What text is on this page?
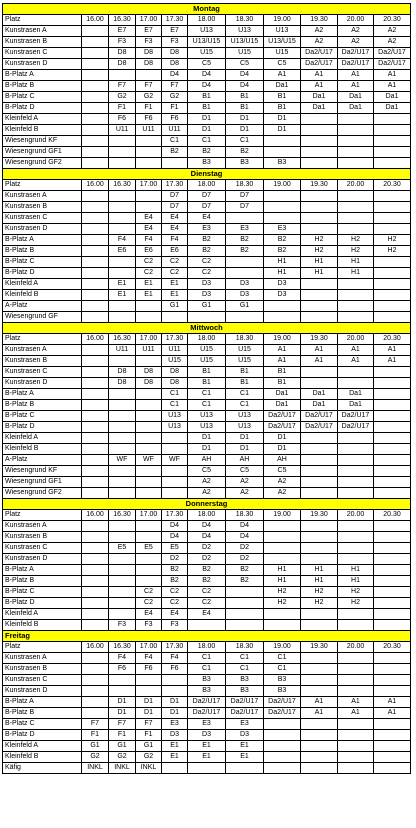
Montag										
Platz	16.00	16.30	17.00	17.30	18.00	18.30	19.00	19.30	20.00	20.30
Kunstrasen A		E7	E7	E7	U13	U13	U13	A2	A2	A2
Kunstrasen B		F3	F3	F3	U13/U15	U13/U15	U13/U15	A2	A2	A2
Kunstrasen C		D8	D8	D8	U15	U15	U15	Da2/U17	Da2/U17	Da2/U17
Kunstrasen D		D8	D8	D8	C5	C5	C5	Da2/U17	Da2/U17	Da2/U17
B-Platz A				D4	D4	D4	A1	A1	A1	A1
B-Platz B		F7	F7	F7	D4	D4	Da1	A1	A1	A1
B-Platz C		G2	G2	G2	B1	B1	B1	Da1	Da1	Da1
B-Platz D		F1	F1	F1	B1	B1	B1	Da1	Da1	Da1
Kleinfeld A		F6	F6	F6	D1	D1	D1			
Kleinfeld B		U11	U11	U11	D1	D1	D1			
Wiesengrund KF				C1	C1	C1				
Wiesengrund GF1				B2	B2	B2				
Wiesengrund GF2					B3	B3	B3			
Dienstag										
Platz	16.00	16.30	17.00	17.30	18.00	18.30	19.00	19.30	20.00	20.30
Kunstrasen A				D7	D7	D7				
Kunstrasen B				D7	D7	D7				
Kunstrasen C			E4	E4	E4					
Kunstrasen D			E4	E4	E3	E3	E3			
B-Platz A		F4	F4	F4	B2	B2	B2	H2	H2	H2
B-Platz B		E6	E6	E6	B2	B2	B2	H2	H2	H2
B-Platz C			C2	C2	C2		H1	H1	H1	
B-Platz D			C2	C2	C2		H1	H1	H1	
Kleinfeld A		E1	E1	E1	D3	D3	D3			
Kleinfeld B		E1	E1	E1	D3	D3	D3			
A-Platz				G1	G1	G1				
Wiesengrund GF										
Mittwoch										
Platz	16.00	16.30	17.00	17.30	18.00	18.30	19.00	19.30	20.00	20.30
Kunstrasen A		U11	U11	U11	U15	U15	A1	A1	A1	A1
Kunstrasen B				U15	U15	U15	A1	A1	A1	A1
Kunstrasen C		D8	D8	D8	B1	B1	B1			
Kunstrasen D		D8	D8	D8	B1	B1	B1			
B-Platz A				C1	C1	C1	Da1	Da1	Da1	
B-Platz B				C1	C1	C1	Da1	Da1	Da1	
B-Platz C				U13	U13	U13	Da2/U17	Da2/U17	Da2/U17	
B-Platz D				U13	U13	U13	Da2/U17	Da2/U17	Da2/U17	
Kleinfeld A					D1	D1	D1			
Kleinfeld B					D1	D1	D1			
A-Platz		WF	WF	WF	AH	AH	AH			
Wiesengrund KF					C5	C5	C5			
Wiesengrund GF1					A2	A2	A2			
Wiesengrund GF2					A2	A2	A2			
Donnerstag										
Platz	16.00	16.30	17.00	17.30	18.00	18.30	19.00	19.30	20.00	20.30
Kunstrasen A				D4	D4	D4				
Kunstrasen B				D4	D4	D4				
Kunstrasen C		E5	E5	E5	D2	D2				
Kunstrasen D				D2	D2	D2				
B-Platz A				B2	B2	B2	H1	H1	H1	
B-Platz B				B2	B2	B2	H1	H1	H1	
B-Platz C			C2	C2	C2		H2	H2	H2	
B-Platz D			C2	C2	C2		H2	H2	H2	
Kleinfeld A			E4	E4	E4					
Kleinfeld B		F3	F3	F3						
Freitag										
Platz	16.00	16.30	17.00	17.30	18.00	18.30	19.00	19.30	20.00	20.30
Kunstrasen A		F4	F4	F4	C1	C1	C1			
Kunstrasen B		F6	F6	F6	C1	C1	C1			
Kunstrasen C					B3	B3	B3			
Kunstrasen D					B3	B3	B3			
B-Platz A		D1	D1	D1	Da2/U17	Da2/U17	Da2/U17	A1	A1	A1
B-Platz B		D1	D1	D1	Da2/U17	Da2/U17	Da2/U17	A1	A1	A1
B-Platz C	F7	F7	F7	E3	E3	E3				
B-Platz D	F1	F1	F1	D3	D3	D3				
Kleinfeld A	G1	G1	G1	E1	E1	E1				
Kleinfeld B	G2	G2	G2	E1	E1	E1				
Käfig	INKL	INKL	INKL							
